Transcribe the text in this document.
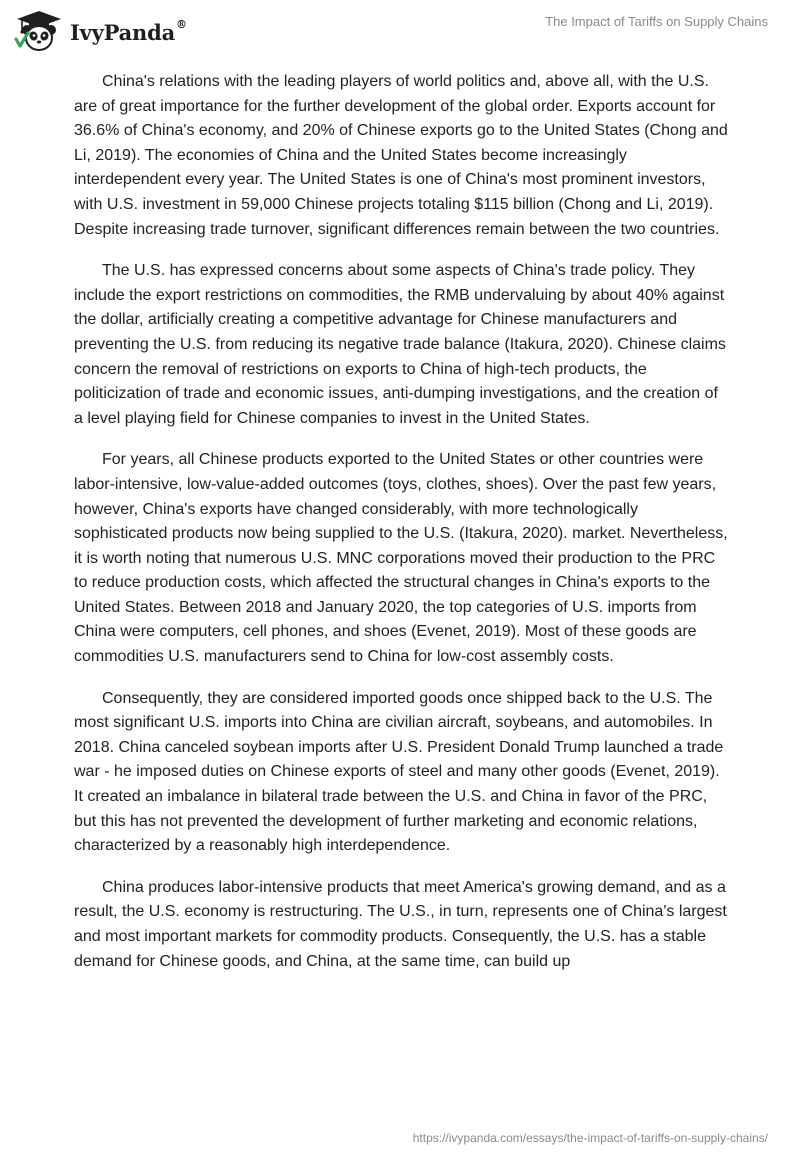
IvyPanda®	The Impact of Tariffs on Supply Chains

China's relations with the leading players of world politics and, above all, with the U.S. are of great importance for the further development of the global order. Exports account for 36.6% of China's economy, and 20% of Chinese exports go to the United States (Chong and Li, 2019). The economies of China and the United States become increasingly interdependent every year. The United States is one of China's most prominent investors, with U.S. investment in 59,000 Chinese projects totaling $115 billion (Chong and Li, 2019). Despite increasing trade turnover, significant differences remain between the two countries.

The U.S. has expressed concerns about some aspects of China's trade policy. They include the export restrictions on commodities, the RMB undervaluing by about 40% against the dollar, artificially creating a competitive advantage for Chinese manufacturers and preventing the U.S. from reducing its negative trade balance (Itakura, 2020). Chinese claims concern the removal of restrictions on exports to China of high-tech products, the politicization of trade and economic issues, anti-dumping investigations, and the creation of a level playing field for Chinese companies to invest in the United States.

For years, all Chinese products exported to the United States or other countries were labor-intensive, low-value-added outcomes (toys, clothes, shoes). Over the past few years, however, China's exports have changed considerably, with more technologically sophisticated products now being supplied to the U.S. (Itakura, 2020). market. Nevertheless, it is worth noting that numerous U.S. MNC corporations moved their production to the PRC to reduce production costs, which affected the structural changes in China's exports to the United States. Between 2018 and January 2020, the top categories of U.S. imports from China were computers, cell phones, and shoes (Evenet, 2019). Most of these goods are commodities U.S. manufacturers send to China for low-cost assembly costs.

Consequently, they are considered imported goods once shipped back to the U.S. The most significant U.S. imports into China are civilian aircraft, soybeans, and automobiles. In 2018. China canceled soybean imports after U.S. President Donald Trump launched a trade war - he imposed duties on Chinese exports of steel and many other goods (Evenet, 2019). It created an imbalance in bilateral trade between the U.S. and China in favor of the PRC, but this has not prevented the development of further marketing and economic relations, characterized by a reasonably high interdependence.

China produces labor-intensive products that meet America's growing demand, and as a result, the U.S. economy is restructuring. The U.S., in turn, represents one of China's largest and most important markets for commodity products. Consequently, the U.S. has a stable demand for Chinese goods, and China, at the same time, can build up

https://ivypanda.com/essays/the-impact-of-tariffs-on-supply-chains/
